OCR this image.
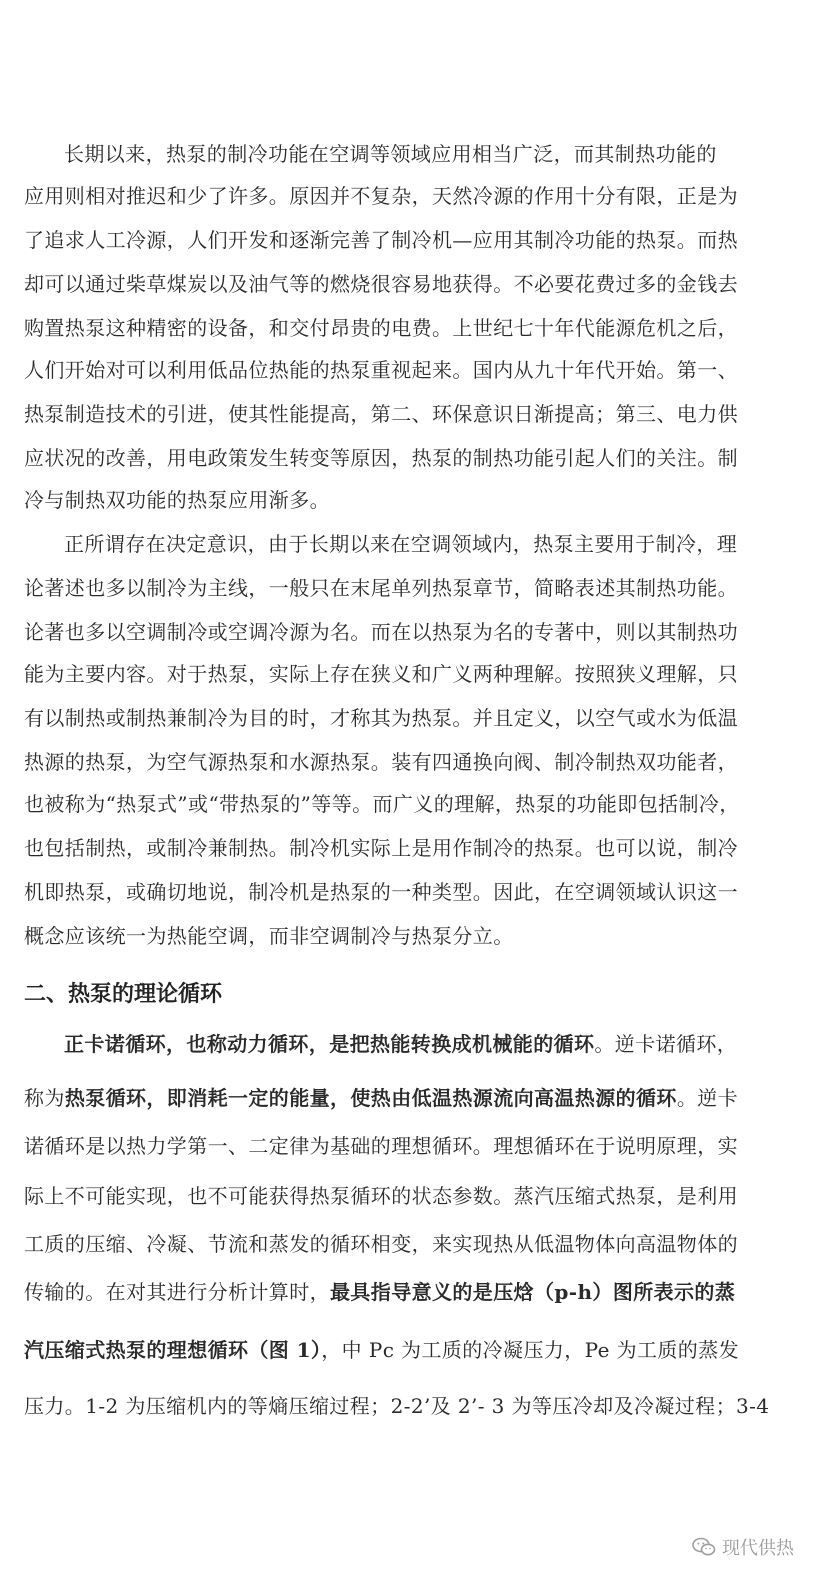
长期以来，热泵的制冷功能在空调等领域应用相当广泛，而其制热功能的
应用则相对推迟和少了许多。原因并不复杂，天然冷源的作用十分有限，正是为
了追求人工冷源，人们开发和逐渐完善了制冷机—应用其制冷功能的热泵。而热
却可以通过柴草煤炭以及油气等的燃烧很容易地获得。不必要花费过多的金钱去
购置热泵这种精密的设备，和交付昂贵的电费。上世纪七十年代能源危机之后，
人们开始对可以利用低品位热能的热泵重视起来。国内从九十年代开始。第一、
热泵制造技术的引进，使其性能提高，第二、环保意识日渐提高；第三、电力供
应状况的改善，用电政策发生转变等原因，热泵的制热功能引起人们的关注。制
冷与制热双功能的热泵应用渐多。
正所谓存在决定意识，由于长期以来在空调领域内，热泵主要用于制冷，理
论著述也多以制冷为主线，一般只在末尾单列热泵章节，简略表述其制热功能。
论著也多以空调制冷或空调冷源为名。而在以热泵为名的专著中，则以其制热功
能为主要内容。对于热泵，实际上存在狭义和广义两种理解。按照狭义理解，只
有以制热或制热兼制冷为目的时，才称其为热泵。并且定义，以空气或水为低温
热源的热泵，为空气源热泵和水源热泵。装有四通换向阀、制冷制热双功能者，
也被称为“热泵式”或“带热泵的”等等。而广义的理解，热泵的功能即包括制冷，
也包括制热，或制冷兼制热。制冷机实际上是用作制冷的热泵。也可以说，制冷
机即热泵，或确切地说，制冷机是热泵的一种类型。因此，在空调领域认识这一
概念应该统一为热能空调，而非空调制冷与热泵分立。
二、热泵的理论循环
正卡诺循环，也称动力循环，是把热能转换成机械能的循环。逆卡诺循环，
称为热泵循环，即消耗一定的能量，使热由低温热源流向高温热源的循环。逆卡
诺循环是以热力学第一、二定律为基础的理想循环。理想循环在于说明原理，实
际上不可能实现，也不可能获得热泵循环的状态参数。蒸汽压缩式热泵，是利用
工质的压缩、冷凝、节流和蒸发的循环相变，来实现热从低温物体向高温物体的
传输的。在对其进行分析计算时，最具指导意义的是压焓（p-h）图所表示的蒸
汽压缩式热泵的理想循环（图 1），中 Pc 为工质的冷凝压力，Pe 为工质的蒸发
压力。1-2 为压缩机内的等熵压缩过程；2-2’及 2’- 3 为等压冷却及冷凝过程；3-4
现代供热
